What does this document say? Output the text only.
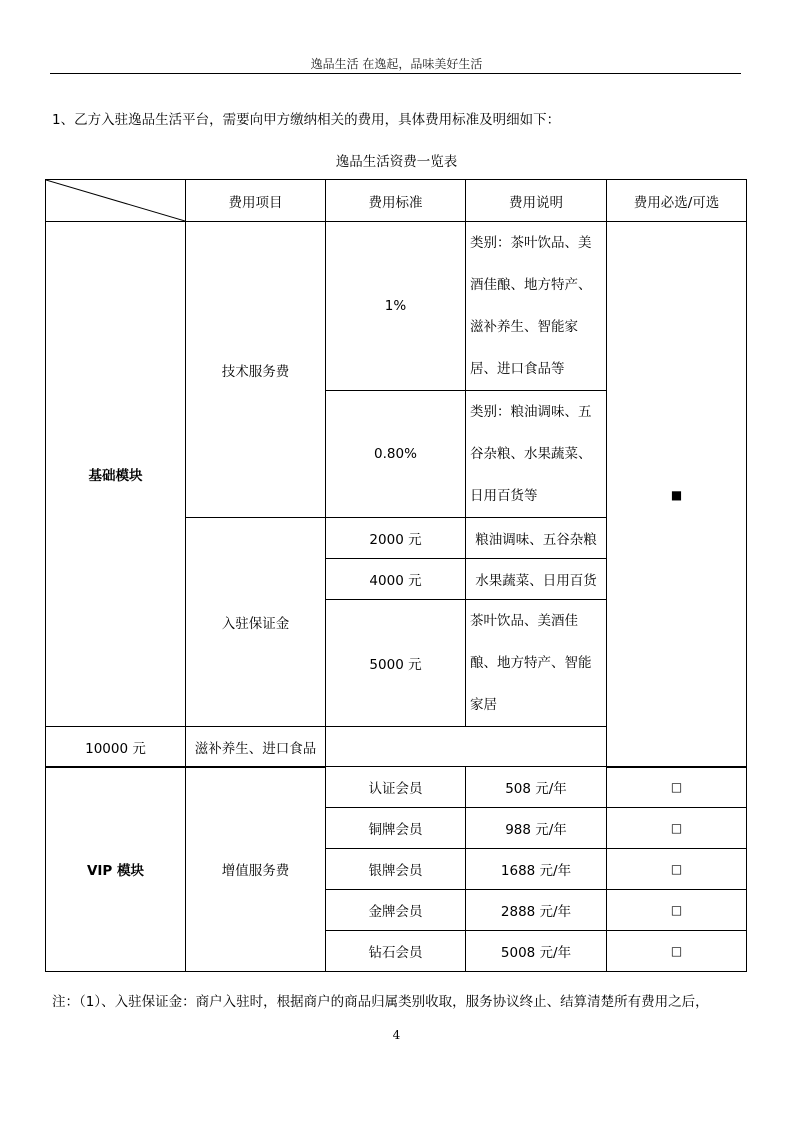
逸品生活 在逸起，品味美好生活
1、乙方入驻逸品生活平台，需要向甲方缴纳相关的费用，具体费用标准及明细如下：
逸品生活资费一览表
	费用项目	费用标准	费用说明	费用必选/可选
基础模块	技术服务费	1%	类别：茶叶饮品、美酒佳酿、地方特产、滋补养生、智能家居、进口食品等	■

		0.80%	类别：粮油调味、五谷杂粮、水果蔬菜、日用百货等	

	入驻保证金	2000 元	粮油调味、五谷杂粮	
		4000 元	水果蔬菜、日用百货	
		5000 元	茶叶饮品、美酒佳酿、地方特产、智能家居	

10000 元	滋补养生、进口食品			
VIP 模块	增值服务费	认证会员	508 元/年	□
		铜牌会员	988 元/年	□
		银牌会员	1688 元/年	□
		金牌会员	2888 元/年	□
		钻石会员	5008 元/年	□
注：（1）、入驻保证金：商户入驻时，根据商户的商品归属类别收取，服务协议终止、结算清楚所有费用之后，
4
